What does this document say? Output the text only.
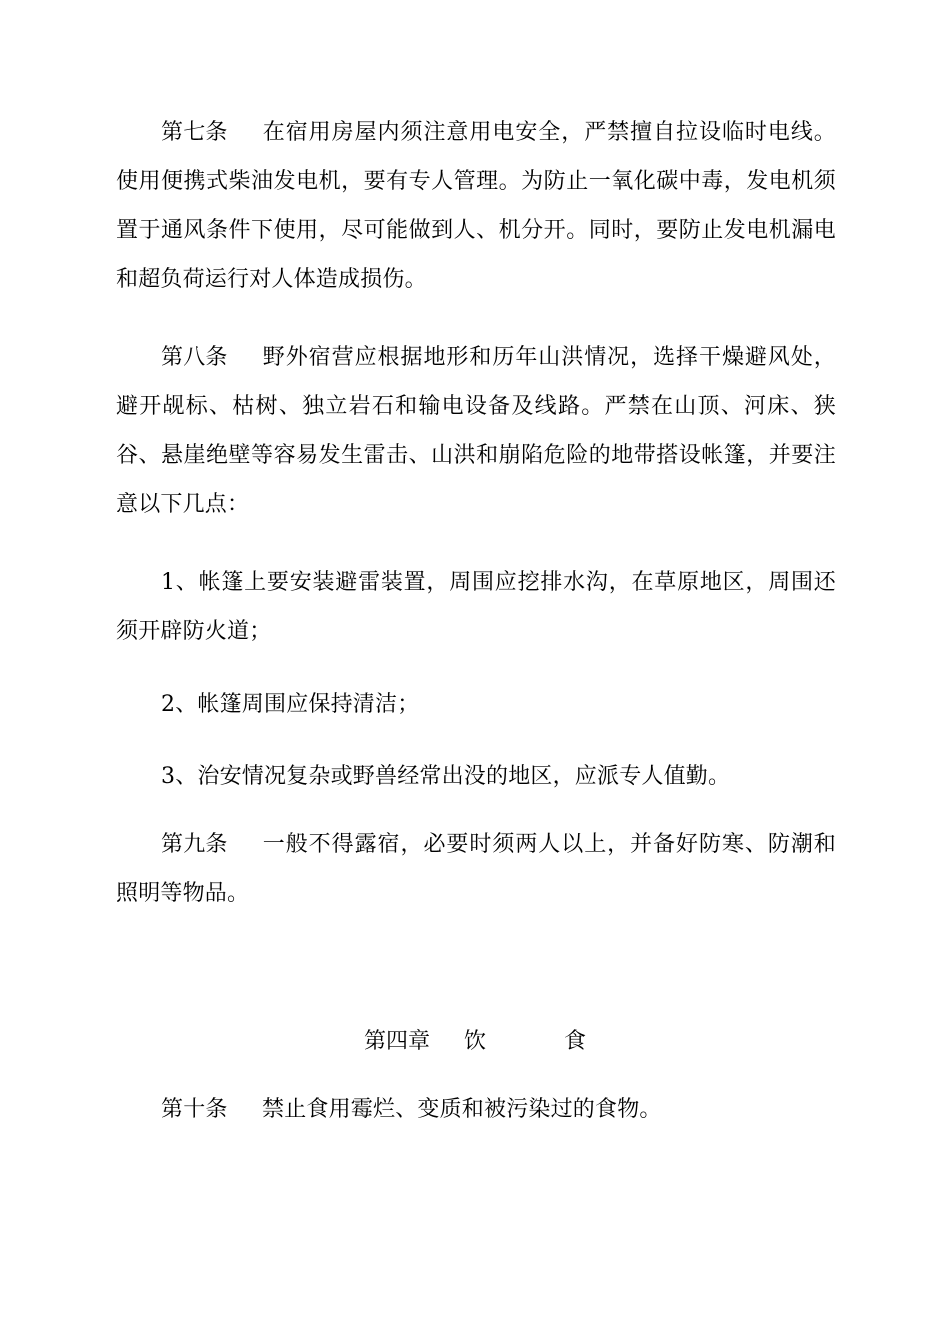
第七条 在宿用房屋内须注意用电安全，严禁擅自拉设临时电线。使用便携式柴油发电机，要有专人管理。为防止一氧化碳中毒，发电机须置于通风条件下使用，尽可能做到人、机分开。同时，要防止发电机漏电和超负荷运行对人体造成损伤。

第八条 野外宿营应根据地形和历年山洪情况，选择干燥避风处，避开觇标、枯树、独立岩石和输电设备及线路。严禁在山顶、河床、狭谷、悬崖绝壁等容易发生雷击、山洪和崩陷危险的地带搭设帐篷，并要注意以下几点：

1、帐篷上要安装避雷装置，周围应挖排水沟，在草原地区，周围还须开辟防火道；

2、帐篷周围应保持清洁；

3、治安情况复杂或野兽经常出没的地区，应派专人值勤。

第九条 一般不得露宿，必要时须两人以上，并备好防寒、防潮和照明等物品。

第四章 饮	食

第十条 禁止食用霉烂、变质和被污染过的食物。
